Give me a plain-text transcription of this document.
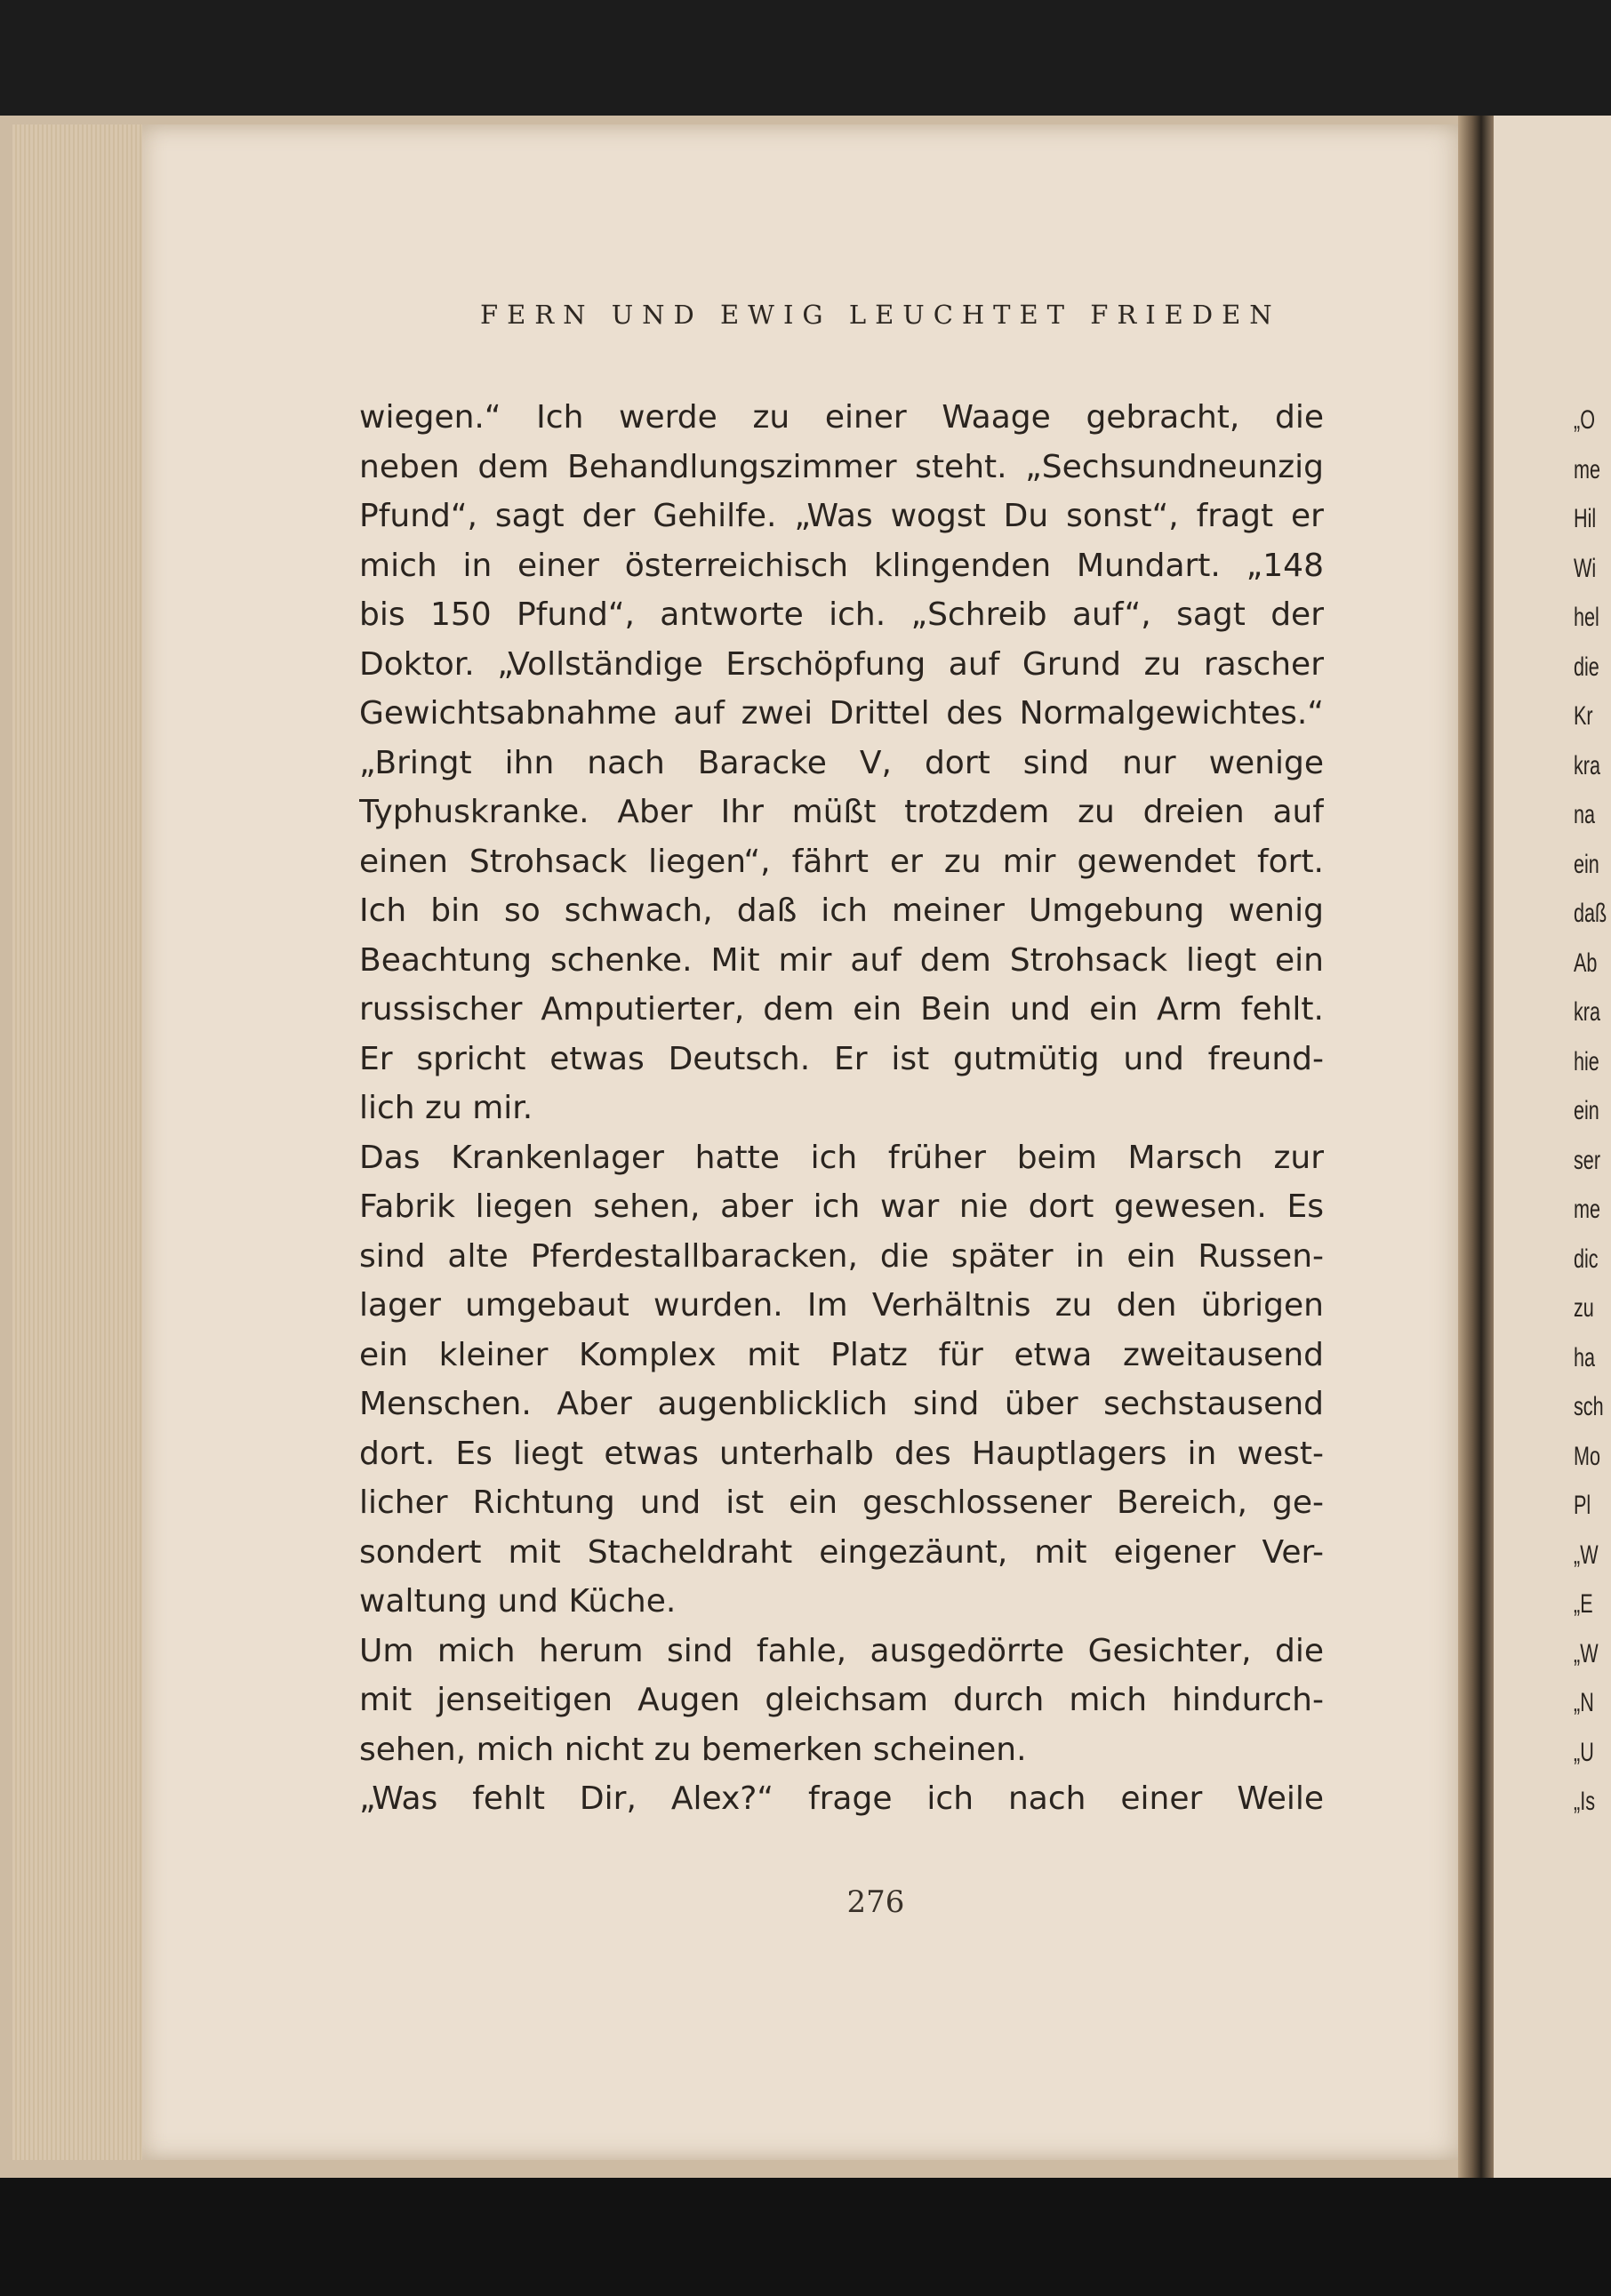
FERN UND EWIG LEUCHTET FRIEDEN
wiegen.“ Ich werde zu einer Waage gebracht, die
neben dem Behandlungszimmer steht. „Sechsundneunzig
Pfund“, sagt der Gehilfe. „Was wogst Du sonst“, fragt er
mich in einer österreichisch klingenden Mundart. „148
bis 150 Pfund“, antworte ich. „Schreib auf“, sagt der
Doktor. „Vollständige Erschöpfung auf Grund zu rascher
Gewichtsabnahme auf zwei Drittel des Normalgewichtes.“
„Bringt ihn nach Baracke V, dort sind nur wenige
Typhuskranke. Aber Ihr müßt trotzdem zu dreien auf
einen Strohsack liegen“, fährt er zu mir gewendet fort.
Ich bin so schwach, daß ich meiner Umgebung wenig
Beachtung schenke. Mit mir auf dem Strohsack liegt ein
russischer Amputierter, dem ein Bein und ein Arm fehlt.
Er spricht etwas Deutsch. Er ist gutmütig und freund-
lich zu mir.
Das Krankenlager hatte ich früher beim Marsch zur
Fabrik liegen sehen, aber ich war nie dort gewesen. Es
sind alte Pferdestallbaracken, die später in ein Russen-
lager umgebaut wurden. Im Verhältnis zu den übrigen
ein kleiner Komplex mit Platz für etwa zweitausend
Menschen. Aber augenblicklich sind über sechstausend
dort. Es liegt etwas unterhalb des Hauptlagers in west-
licher Richtung und ist ein geschlossener Bereich, ge-
sondert mit Stacheldraht eingezäunt, mit eigener Ver-
waltung und Küche.
Um mich herum sind fahle, ausgedörrte Gesichter, die
mit jenseitigen Augen gleichsam durch mich hindurch-
sehen, mich nicht zu bemerken scheinen.
„Was fehlt Dir, Alex?“ frage ich nach einer Weile
276
„O
me
Hil
Wi
hel
die
Kr
kra
na
ein
daß
Ab
kra
hie
ein
ser
me
dic
zu
ha
sch
Mo
Pl
„W
„E
„W
„N
„U
„Is
